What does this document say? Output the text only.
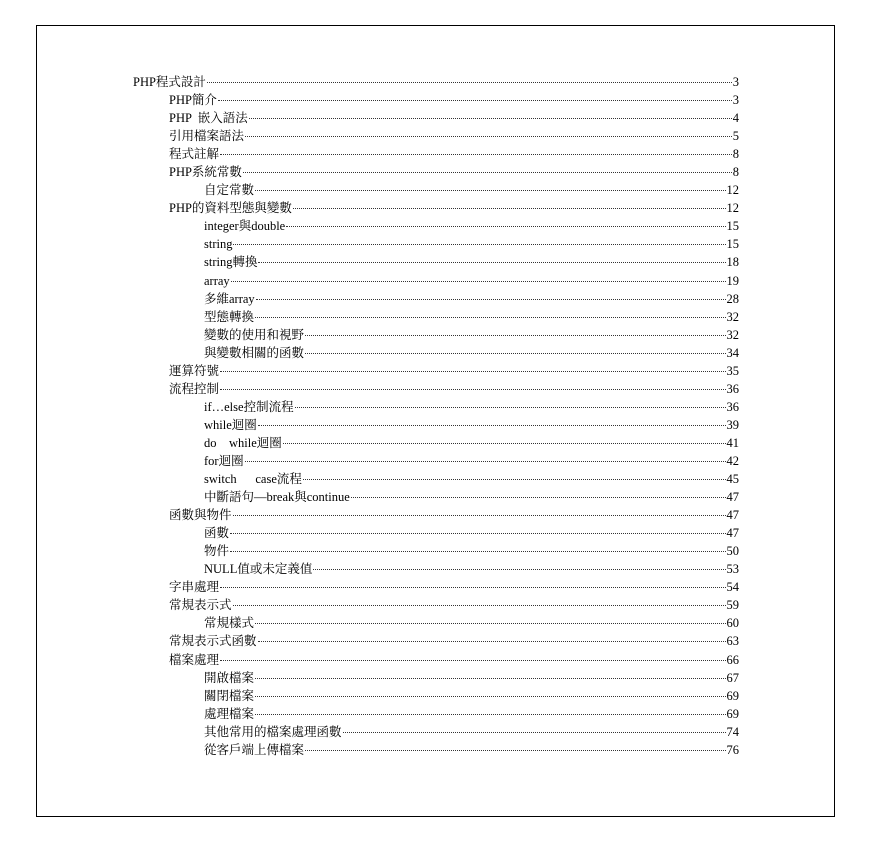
PHP程式設計	3
PHP簡介	3
PHP  嵌入語法	4
引用檔案語法	5
程式註解	8
PHP系統常數	8
自定常數	12
PHP的資料型態與變數	12
integer與double	15
string	15
string轉換	18
array	19
多維array	28
型態轉換	32
變數的使用和視野	32
與變數相關的函數	34
運算符號	35
流程控制	36
if…else控制流程	36
while迴圈	39
do    while迴圈	41
for迴圈	42
switch      case流程	45
中斷語句—break與continue	47
函數與物件	47
函數	47
物件	50
NULL值或未定義值	53
字串處理	54
常規表示式	59
常規樣式	60
常規表示式函數	63
檔案處理	66
開啟檔案	67
關閉檔案	69
處理檔案	69
其他常用的檔案處理函數	74
從客戶端上傳檔案	76
